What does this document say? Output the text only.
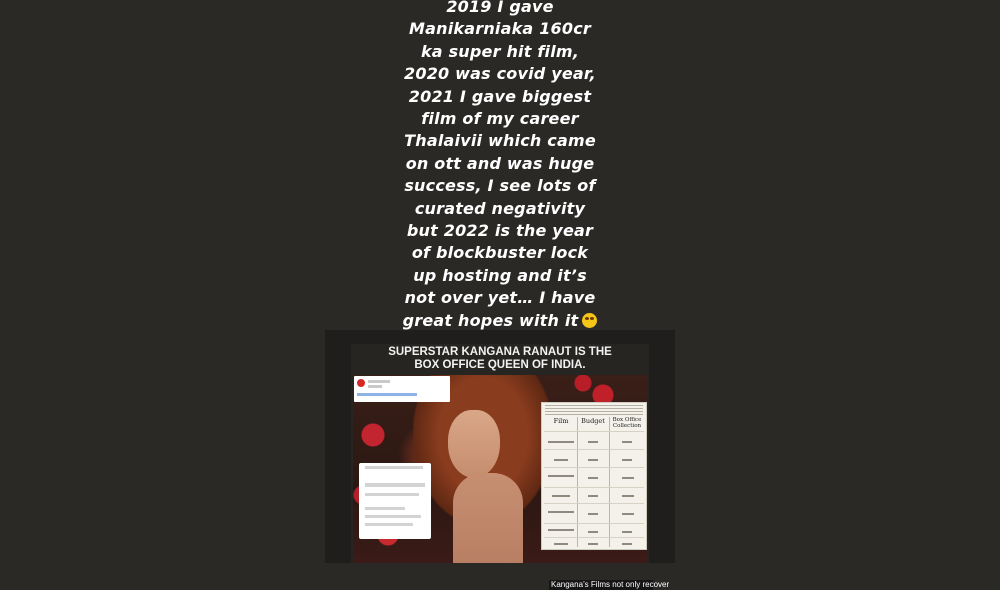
2019 I gave
Manikarniaka 160cr
ka super hit film,
2020 was covid year,
2021 I gave biggest
film of my career
Thalaivii which came
on ott and was huge
success, I see lots of
curated negativity
but 2022 is the year
of blockbuster lock
up hosting and it’s
not over yet… I have
great hopes with it
SUPERSTAR KANGANA RANAUT IS THE
BOX OFFICE QUEEN OF INDIA.
Film	Budget	Box Office Collection
Kangana’s Films not only recover
